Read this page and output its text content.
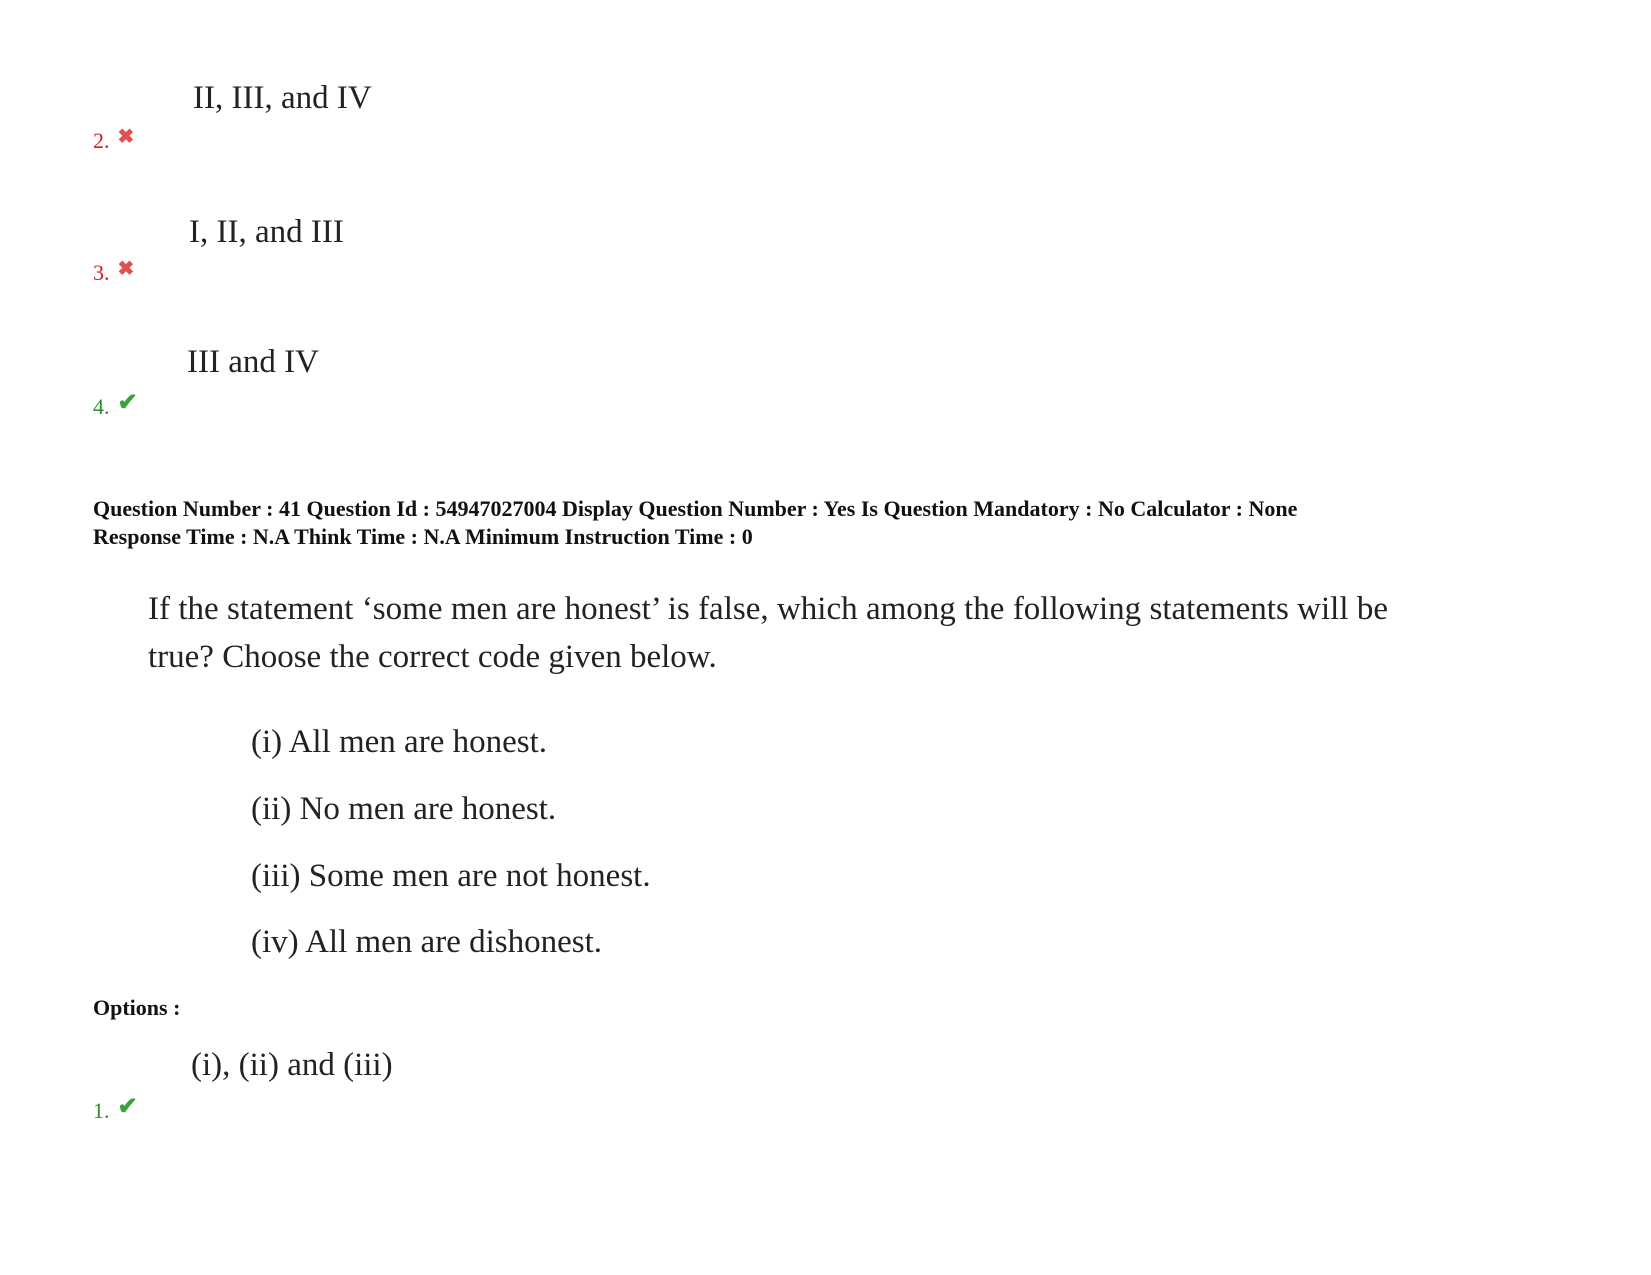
II, III, and IV
2. ✖
I, II, and III
3. ✖
III and IV
4. ✔
Question Number : 41 Question Id : 54947027004 Display Question Number : Yes Is Question Mandatory : No Calculator : None
Response Time : N.A Think Time : N.A Minimum Instruction Time : 0
If the statement ‘some men are honest’ is false, which among the following statements will be true? Choose the correct code given below.
(i) All men are honest.
(ii) No men are honest.
(iii) Some men are not honest.
(iv) All men are dishonest.
Options :
(i), (ii) and (iii)
1. ✔
